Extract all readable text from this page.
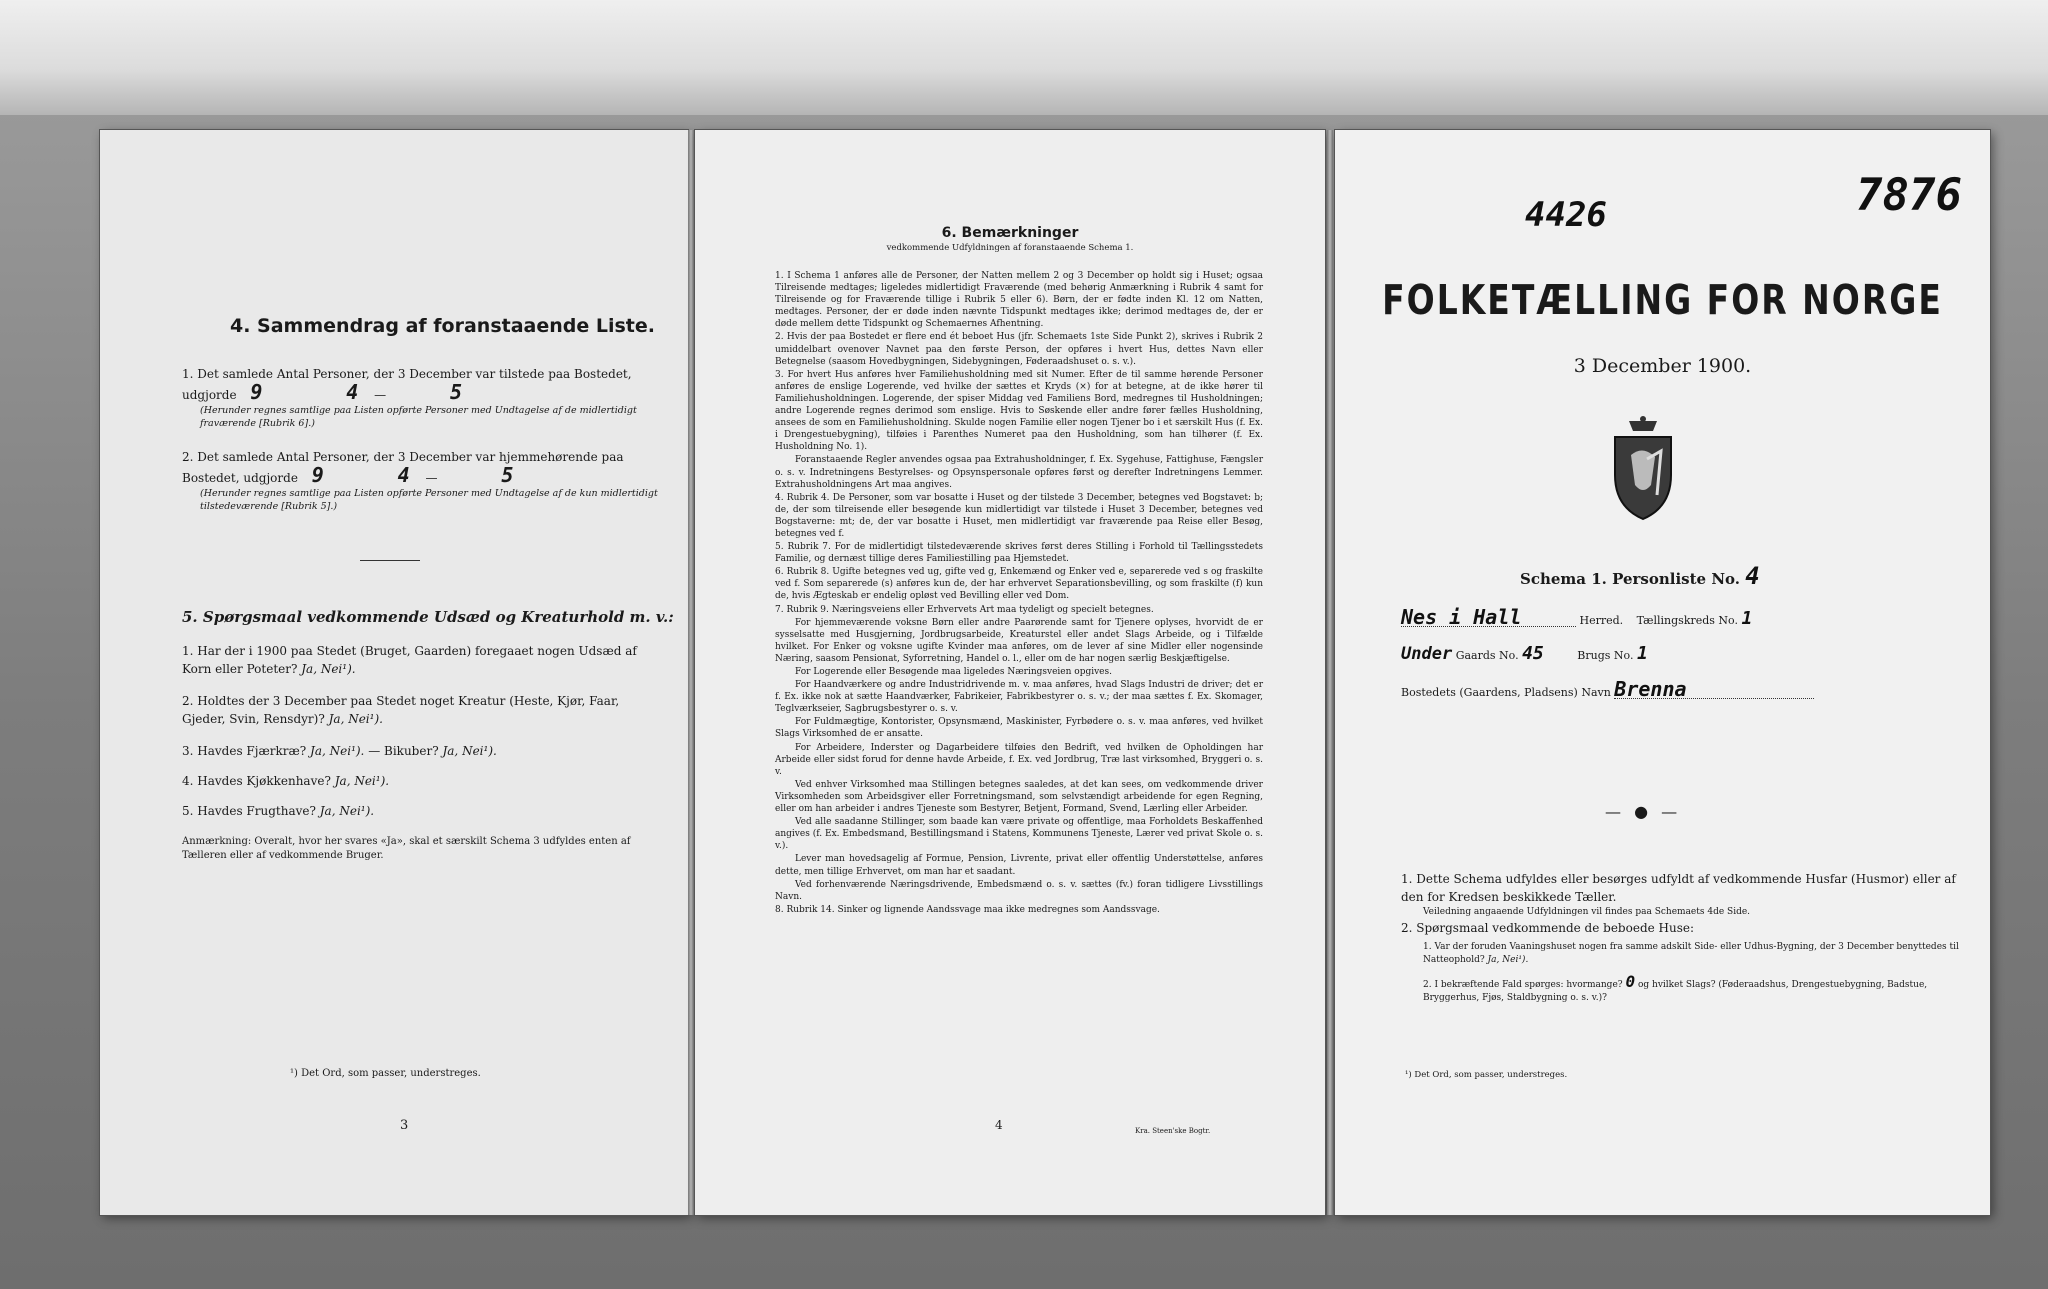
4. Sammendrag af foranstaaende Liste.
1. Det samlede Antal Personer, der 3 December var tilstede paa Bostedet,
udgjorde 9	4 —	5
(Herunder regnes samtlige paa Listen opførte Personer med Undtagelse af de midlertidigt fraværende [Rubrik 6].)
2. Det samlede Antal Personer, der 3 December var hjemmehørende paa
Bostedet, udgjorde 9	4 —	5
(Herunder regnes samtlige paa Listen opførte Personer med Undtagelse af de kun midlertidigt tilstedeværende [Rubrik 5].)
5. Spørgsmaal vedkommende Udsæd og Kreaturhold m. v.:
1. Har der i 1900 paa Stedet (Bruget, Gaarden) foregaaet nogen Udsæd af Korn eller Poteter? Ja, Nei¹).
2. Holdtes der 3 December paa Stedet noget Kreatur (Heste, Kjør, Faar, Gjeder, Svin, Rensdyr)? Ja, Nei¹).
3. Havdes Fjærkræ? Ja, Nei¹). — Bikuber? Ja, Nei¹).
4. Havdes Kjøkkenhave? Ja, Nei¹).
5. Havdes Frugthave? Ja, Nei¹).
Anmærkning: Overalt, hvor her svares «Ja», skal et særskilt Schema 3 udfyldes enten af Tælleren eller af vedkommende Bruger.
¹) Det Ord, som passer, understreges.
3
6. Bemærkninger
vedkommende Udfyldningen af foranstaaende Schema 1.

1. I Schema 1 anføres alle de Personer, der Natten mellem 2 og 3 December op holdt sig i Huset; ogsaa Tilreisende medtages; ligeledes midlertidigt Fraværende (med behørig Anmærkning i Rubrik 4 samt for Tilreisende og for Fraværende tillige i Rubrik 5 eller 6). Børn, der er fødte inden Kl. 12 om Natten, medtages. Personer, der er døde inden nævnte Tidspunkt medtages ikke; derimod medtages de, der er døde mellem dette Tidspunkt og Schemaernes Afhentning.

2. Hvis der paa Bostedet er flere end ét beboet Hus (jfr. Schemaets 1ste Side Punkt 2), skrives i Rubrik 2 umiddelbart ovenover Navnet paa den første Person, der opføres i hvert Hus, dettes Navn eller Betegnelse (saasom Hovedbygningen, Sidebygningen, Føderaadshuset o. s. v.).

3. For hvert Hus anføres hver Familiehusholdning med sit Numer. Efter de til samme hørende Personer anføres de enslige Logerende, ved hvilke der sættes et Kryds (×) for at betegne, at de ikke hører til Familiehusholdningen. Logerende, der spiser Middag ved Familiens Bord, medregnes til Husholdningen; andre Logerende regnes derimod som enslige. Hvis to Søskende eller andre fører fælles Husholdning, ansees de som en Familiehusholdning. Skulde nogen Familie eller nogen Tjener bo i et særskilt Hus (f. Ex. i Drengestuebygning), tilføies i Parenthes Numeret paa den Husholdning, som han tilhører (f. Ex. Husholdning No. 1).

Foranstaaende Regler anvendes ogsaa paa Extrahusholdninger, f. Ex. Sygehuse, Fattighuse, Fængsler o. s. v. Indretningens Bestyrelses- og Opsynspersonale opføres først og derefter Indretningens Lemmer. Extrahusholdningens Art maa angives.

4. Rubrik 4. De Personer, som var bosatte i Huset og der tilstede 3 December, betegnes ved Bogstavet: b; de, der som tilreisende eller besøgende kun midlertidigt var tilstede i Huset 3 December, betegnes ved Bogstaverne: mt; de, der var bosatte i Huset, men midlertidigt var fraværende paa Reise eller Besøg, betegnes ved f.

5. Rubrik 7. For de midlertidigt tilstedeværende skrives først deres Stilling i Forhold til Tællingsstedets Familie, og dernæst tillige deres Familiestilling paa Hjemstedet.

6. Rubrik 8. Ugifte betegnes ved ug, gifte ved g, Enkemænd og Enker ved e, separerede ved s og fraskilte ved f. Som separerede (s) anføres kun de, der har erhvervet Separationsbevilling, og som fraskilte (f) kun de, hvis Ægteskab er endelig opløst ved Bevilling eller ved Dom.

7. Rubrik 9. Næringsveiens eller Erhvervets Art maa tydeligt og specielt betegnes.

For hjemmeværende voksne Børn eller andre Paarørende samt for Tjenere oplyses, hvorvidt de er sysselsatte med Husgjerning, Jordbrugsarbeide, Kreaturstel eller andet Slags Arbeide, og i Tilfælde hvilket. For Enker og voksne ugifte Kvinder maa anføres, om de lever af sine Midler eller nogensinde Næring, saasom Pensionat, Syforretning, Handel o. l., eller om de har nogen særlig Beskjæftigelse.

For Logerende eller Besøgende maa ligeledes Næringsveien opgives.

For Haandværkere og andre Industridrivende m. v. maa anføres, hvad Slags Industri de driver; det er f. Ex. ikke nok at sætte Haandværker, Fabrikeier, Fabrikbestyrer o. s. v.; der maa sættes f. Ex. Skomager, Teglværkseier, Sagbrugsbestyrer o. s. v.

For Fuldmægtige, Kontorister, Opsynsmænd, Maskinister, Fyrbødere o. s. v. maa anføres, ved hvilket Slags Virksomhed de er ansatte.

For Arbeidere, Inderster og Dagarbeidere tilføies den Bedrift, ved hvilken de Opholdingen har Arbeide eller sidst forud for denne havde Arbeide, f. Ex. ved Jordbrug, Træ last virksomhed, Bryggeri o. s. v.

Ved enhver Virksomhed maa Stillingen betegnes saaledes, at det kan sees, om vedkommende driver Virksomheden som Arbeidsgiver eller Forretningsmand, som selvstændigt arbeidende for egen Regning, eller om han arbeider i andres Tjeneste som Bestyrer, Betjent, Formand, Svend, Lærling eller Arbeider.

Ved alle saadanne Stillinger, som baade kan være private og offentlige, maa Forholdets Beskaffenhed angives (f. Ex. Embedsmand, Bestillingsmand i Statens, Kommunens Tjeneste, Lærer ved privat Skole o. s. v.).

Lever man hovedsagelig af Formue, Pension, Livrente, privat eller offentlig Understøttelse, anføres dette, men tillige Erhvervet, om man har et saadant.

Ved forhenværende Næringsdrivende, Embedsmænd o. s. v. sættes (fv.) foran tidligere Livsstillings Navn.

8. Rubrik 14. Sinker og lignende Aandssvage maa ikke medregnes som Aandssvage.

4	Kra. Steen'ske Bogtr.
7876
4426
FOLKETÆLLING FOR NORGE
3 December 1900.
Schema 1. Personliste No. 4
Nes i Hall	Herred. Tællingskreds No. 1
Under Gaards No. 45	Brugs No. 1
Bostedets (Gaardens, Pladsens) Navn Brenna
— ● —
1. Dette Schema udfyldes eller besørges udfyldt af vedkommende Husfar (Husmor) eller af den for Kredsen beskikkede Tæller.
Veiledning angaaende Udfyldningen vil findes paa Schemaets 4de Side.
2. Spørgsmaal vedkommende de beboede Huse:
1. Var der foruden Vaaningshuset nogen fra samme adskilt Side- eller Udhus-Bygning, der 3 December benyttedes til Natteophold? Ja, Nei¹).
2. I bekræftende Fald spørges: hvormange? 0 og hvilket Slags? (Føderaadshus, Drengestuebygning, Badstue, Bryggerhus, Fjøs, Staldbygning o. s. v.)?
¹) Det Ord, som passer, understreges.
